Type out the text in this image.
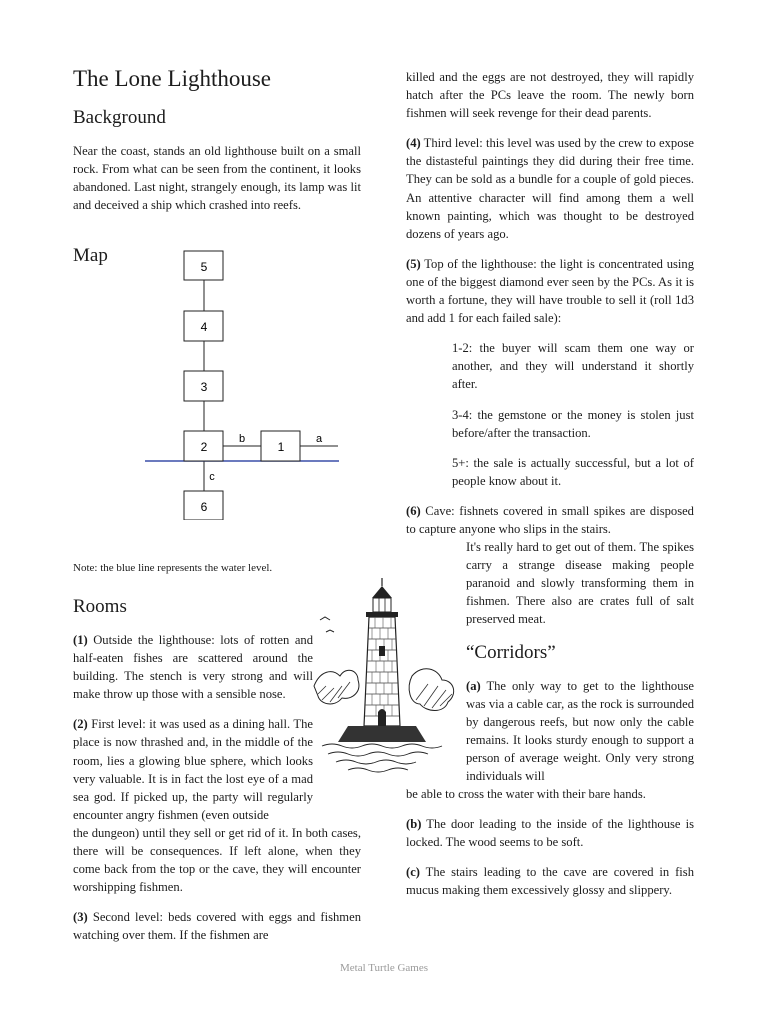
The Lone Lighthouse
Background

Near the coast, stands an old lighthouse built on a small rock. From what can be seen from the continent, it looks abandoned. Last night, strangely enough, its lamp was lit and deceived a ship which crashed into reefs.

Map
5
4
3
2	1
6
a
b
c

Note: the blue line represents the water level.

Rooms

(1) Outside the lighthouse: lots of rotten and half-eaten fishes are scattered around the building. The stench is very strong and will make throw up those with a sensible nose.

(2) First level: it was used as a dining hall. The place is now thrashed and, in the middle of the room, lies a glowing blue sphere, which looks very valuable. It is in fact the lost eye of a mad sea god. If picked up, the party will regularly encounter angry fishmen (even outside

the dungeon) until they sell or get rid of it. In both cases, there will be consequences. If left alone, when they come back from the top or the cave, they will encounter worshipping fishmen.

(3) Second level: beds covered with eggs and fishmen watching over them. If the fishmen are

killed and the eggs are not destroyed, they will rapidly hatch after the PCs leave the room. The newly born fishmen will seek revenge for their dead parents.

(4) Third level: this level was used by the crew to expose the distasteful paintings they did during their free time. They can be sold as a bundle for a couple of gold pieces. An attentive character will find among them a well known painting, which was thought to be destroyed dozens of years ago.

(5) Top of the lighthouse: the light is concentrated using one of the biggest diamond ever seen by the PCs. As it is worth a fortune, they will have trouble to sell it (roll 1d3 and add 1 for each failed sale):

1-2: the buyer will scam them one way or another, and they will understand it shortly after.

3-4: the gemstone or the money is stolen just before/after the transaction.

5+: the sale is actually successful, but a lot of people know about it.

(6) Cave: fishnets covered in small spikes are disposed to capture anyone who slips in the stairs.

It's really hard to get out of them. The spikes carry a strange disease making people paranoid and slowly transforming them in fishmen. There also are crates full of salt preserved meat.

“Corridors”

(a) The only way to get to the lighthouse was via a cable car, as the rock is surrounded by dangerous reefs, but now only the cable remains. It looks sturdy enough to support a person of average weight. Only very strong individuals will

be able to cross the water with their bare hands.

(b) The door leading to the inside of the lighthouse is locked. The wood seems to be soft.

(c) The stairs leading to the cave are covered in fish mucus making them excessively glossy and slippery.

Metal Turtle Games
